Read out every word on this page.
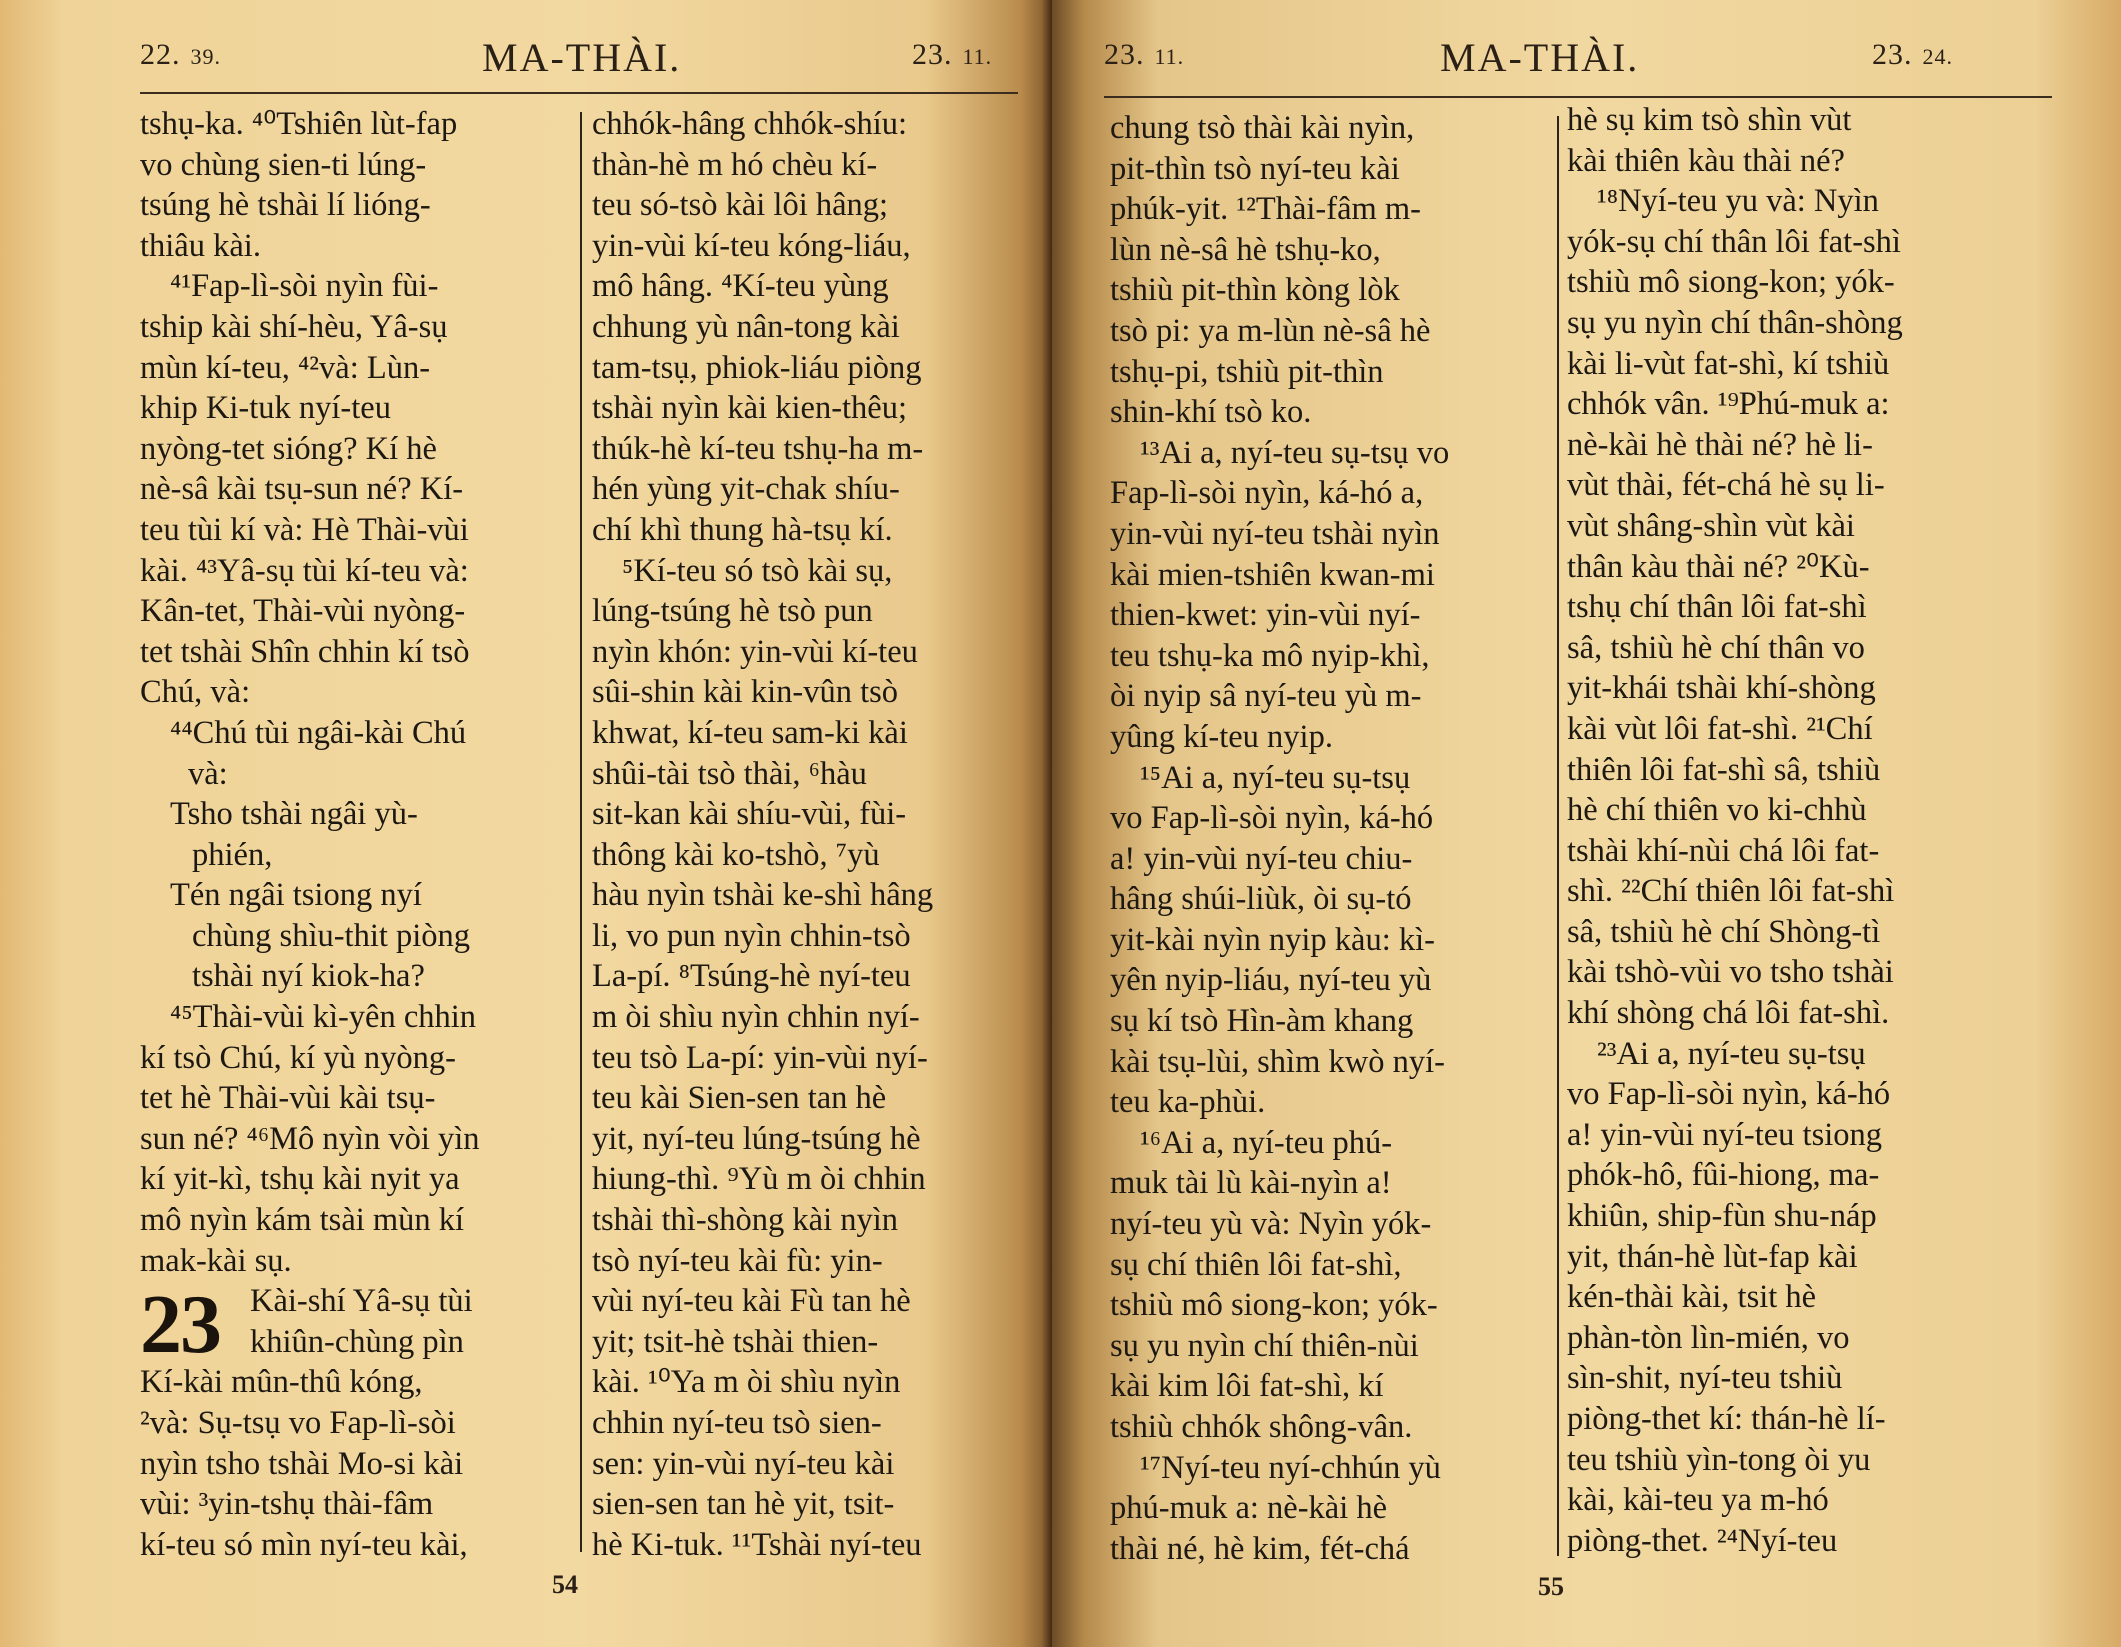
22. 39.	MA-THÀI.	23. 11.
tshụ-ka. ⁴⁰Tshiên lùt-fap
vo chùng sien-ti lúng-
tsúng hè tshài lí lióng-
thiâu kài.
⁴¹Fap-lì-sòi nyìn fùi-
tship kài shí-hèu, Yâ-sụ
mùn kí-teu, ⁴²và: Lùn-
khip Ki-tuk nyí-teu
nyòng-tet sióng? Kí hè
nè-sâ kài tsụ-sun né? Kí-
teu tùi kí và: Hè Thài-vùi
kài. ⁴³Yâ-sụ tùi kí-teu và:
Kân-tet, Thài-vùi nyòng-
tet tshài Shîn chhin kí tsò
Chú, và:
⁴⁴Chú tùi ngâi-kài Chú
và:
Tsho tshài ngâi yù-
phién,
Tén ngâi tsiong nyí
chùng shìu-thit piòng
tshài nyí kiok-ha?
⁴⁵Thài-vùi kì-yên chhin
kí tsò Chú, kí yù nyòng-
tet hè Thài-vùi kài tsụ-
sun né? ⁴⁶Mô nyìn vòi yìn
kí yit-kì, tshụ kài nyit ya
mô nyìn kám tsài mùn kí
mak-kài sụ.
23 Kài-shí Yâ-sụ tùi
khiûn-chùng pìn
Kí-kài mûn-thû kóng,
²và: Sụ-tsụ vo Fap-lì-sòi
nyìn tsho tshài Mo-si kài
vùi: ³yin-tshụ thài-fâm
kí-teu só mìn nyí-teu kài,
chhók-hâng chhók-shíu:
thàn-hè m hó chèu kí-
teu só-tsò kài lôi hâng;
yin-vùi kí-teu kóng-liáu,
mô hâng. ⁴Kí-teu yùng
chhung yù nân-tong kài
tam-tsụ, phiok-liáu piòng
tshài nyìn kài kien-thêu;
thúk-hè kí-teu tshụ-ha m-
hén yùng yit-chak shíu-
chí khì thung hà-tsụ kí.
⁵Kí-teu só tsò kài sụ,
lúng-tsúng hè tsò pun
nyìn khón: yin-vùi kí-teu
sûi-shin kài kin-vûn tsò
khwat, kí-teu sam-ki kài
shûi-tài tsò thài, ⁶hàu
sit-kan kài shíu-vùi, fùi-
thông kài ko-tshò, ⁷yù
hàu nyìn tshài ke-shì hâng
li, vo pun nyìn chhin-tsò
La-pí. ⁸Tsúng-hè nyí-teu
m òi shìu nyìn chhin nyí-
teu tsò La-pí: yin-vùi nyí-
teu kài Sien-sen tan hè
yit, nyí-teu lúng-tsúng hè
hiung-thì. ⁹Yù m òi chhin
tshài thì-shòng kài nyìn
tsò nyí-teu kài fù: yin-
vùi nyí-teu kài Fù tan hè
yit; tsit-hè tshài thien-
kài. ¹⁰Ya m òi shìu nyìn
chhin nyí-teu tsò sien-
sen: yin-vùi nyí-teu kài
sien-sen tan hè yit, tsit-
hè Ki-tuk. ¹¹Tshài nyí-teu
54
23. 11.	MA-THÀI.	23. 24.
chung tsò thài kài nyìn,
pit-thìn tsò nyí-teu kài
phúk-yit. ¹²Thài-fâm m-
lùn nè-sâ hè tshụ-ko,
tshiù pit-thìn kòng lòk
tsò pi: ya m-lùn nè-sâ hè
tshụ-pi, tshiù pit-thìn
shin-khí tsò ko.
¹³Ai a, nyí-teu sụ-tsụ vo
Fap-lì-sòi nyìn, ká-hó a,
yin-vùi nyí-teu tshài nyìn
kài mien-tshiên kwan-mi
thien-kwet: yin-vùi nyí-
teu tshụ-ka mô nyip-khì,
òi nyip sâ nyí-teu yù m-
yûng kí-teu nyip.
¹⁵Ai a, nyí-teu sụ-tsụ
vo Fap-lì-sòi nyìn, ká-hó
a! yin-vùi nyí-teu chiu-
hâng shúi-liùk, òi sụ-tó
yit-kài nyìn nyip kàu: kì-
yên nyip-liáu, nyí-teu yù
sụ kí tsò Hìn-àm khang
kài tsụ-lùi, shìm kwò nyí-
teu ka-phùi.
¹⁶Ai a, nyí-teu phú-
muk tài lù kài-nyìn a!
nyí-teu yù và: Nyìn yók-
sụ chí thiên lôi fat-shì,
tshiù mô siong-kon; yók-
sụ yu nyìn chí thiên-nùi
kài kim lôi fat-shì, kí
tshiù chhók shông-vân.
¹⁷Nyí-teu nyí-chhún yù
phú-muk a: nè-kài hè
thài né, hè kim, fét-chá
hè sụ kim tsò shìn vùt
kài thiên kàu thài né?
¹⁸Nyí-teu yu và: Nyìn
yók-sụ chí thân lôi fat-shì
tshiù mô siong-kon; yók-
sụ yu nyìn chí thân-shòng
kài li-vùt fat-shì, kí tshiù
chhók vân. ¹⁹Phú-muk a:
nè-kài hè thài né? hè li-
vùt thài, fét-chá hè sụ li-
vùt shâng-shìn vùt kài
thân kàu thài né? ²⁰Kù-
tshụ chí thân lôi fat-shì
sâ, tshiù hè chí thân vo
yit-khái tshài khí-shòng
kài vùt lôi fat-shì. ²¹Chí
thiên lôi fat-shì sâ, tshiù
hè chí thiên vo ki-chhù
tshài khí-nùi chá lôi fat-
shì. ²²Chí thiên lôi fat-shì
sâ, tshiù hè chí Shòng-tì
kài tshò-vùi vo tsho tshài
khí shòng chá lôi fat-shì.
²³Ai a, nyí-teu sụ-tsụ
vo Fap-lì-sòi nyìn, ká-hó
a! yin-vùi nyí-teu tsiong
phók-hô, fûi-hiong, ma-
khiûn, ship-fùn shu-náp
yit, thán-hè lùt-fap kài
kén-thài kài, tsit hè
phàn-tòn lìn-mién, vo
sìn-shit, nyí-teu tshiù
piòng-thet kí: thán-hè lí-
teu tshiù yìn-tong òi yu
kài, kài-teu ya m-hó
piòng-thet. ²⁴Nyí-teu
55
